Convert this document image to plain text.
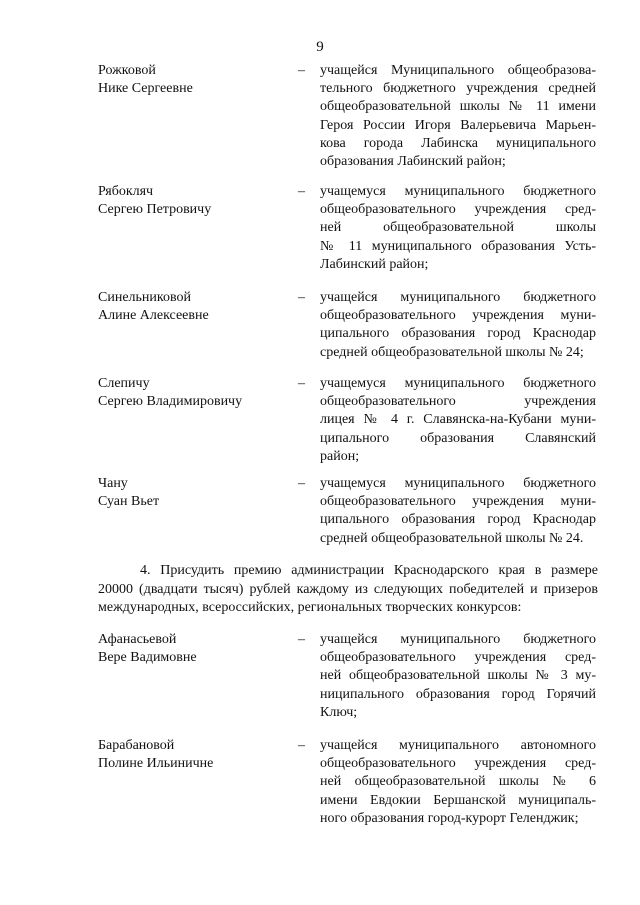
9
Рожковой
Нике Сергеевне
– учащейся Муниципального общеобразова-
тельного бюджетного учреждения средней
общеобразовательной школы № 11 имени
Героя России Игоря Валерьевича Марьен-
кова города Лабинска муниципального
образования Лабинский район;
Рябокляч
Сергею Петровичу
– учащемуся муниципального бюджетного
общеобразовательного учреждения сред-
ней общеобразовательной школы
№ 11 муниципального образования Усть-
Лабинский район;
Синельниковой
Алине Алексеевне
– учащейся муниципального бюджетного
общеобразовательного учреждения муни-
ципального образования город Краснодар
средней общеобразовательной школы № 24;
Слепичу
Сергею Владимировичу
– учащемуся муниципального бюджетного
общеобразовательного учреждения
лицея № 4 г. Славянска-на-Кубани муни-
ципального образования Славянский
район;
Чану
Суан Вьет
– учащемуся муниципального бюджетного
общеобразовательного учреждения муни-
ципального образования город Краснодар
средней общеобразовательной школы № 24.
4. Присудить премию администрации Краснодарского края в размере
20000 (двадцати тысяч) рублей каждому из следующих победителей и призеров
международных, всероссийских, региональных творческих конкурсов:
Афанасьевой
Вере Вадимовне
– учащейся муниципального бюджетного
общеобразовательного учреждения сред-
ней общеобразовательной школы № 3 му-
ниципального образования город Горячий
Ключ;
Барабановой
Полине Ильиничне
– учащейся муниципального автономного
общеобразовательного учреждения сред-
ней общеобразовательной школы № 6
имени Евдокии Бершанской муниципаль-
ного образования город-курорт Геленджик;
